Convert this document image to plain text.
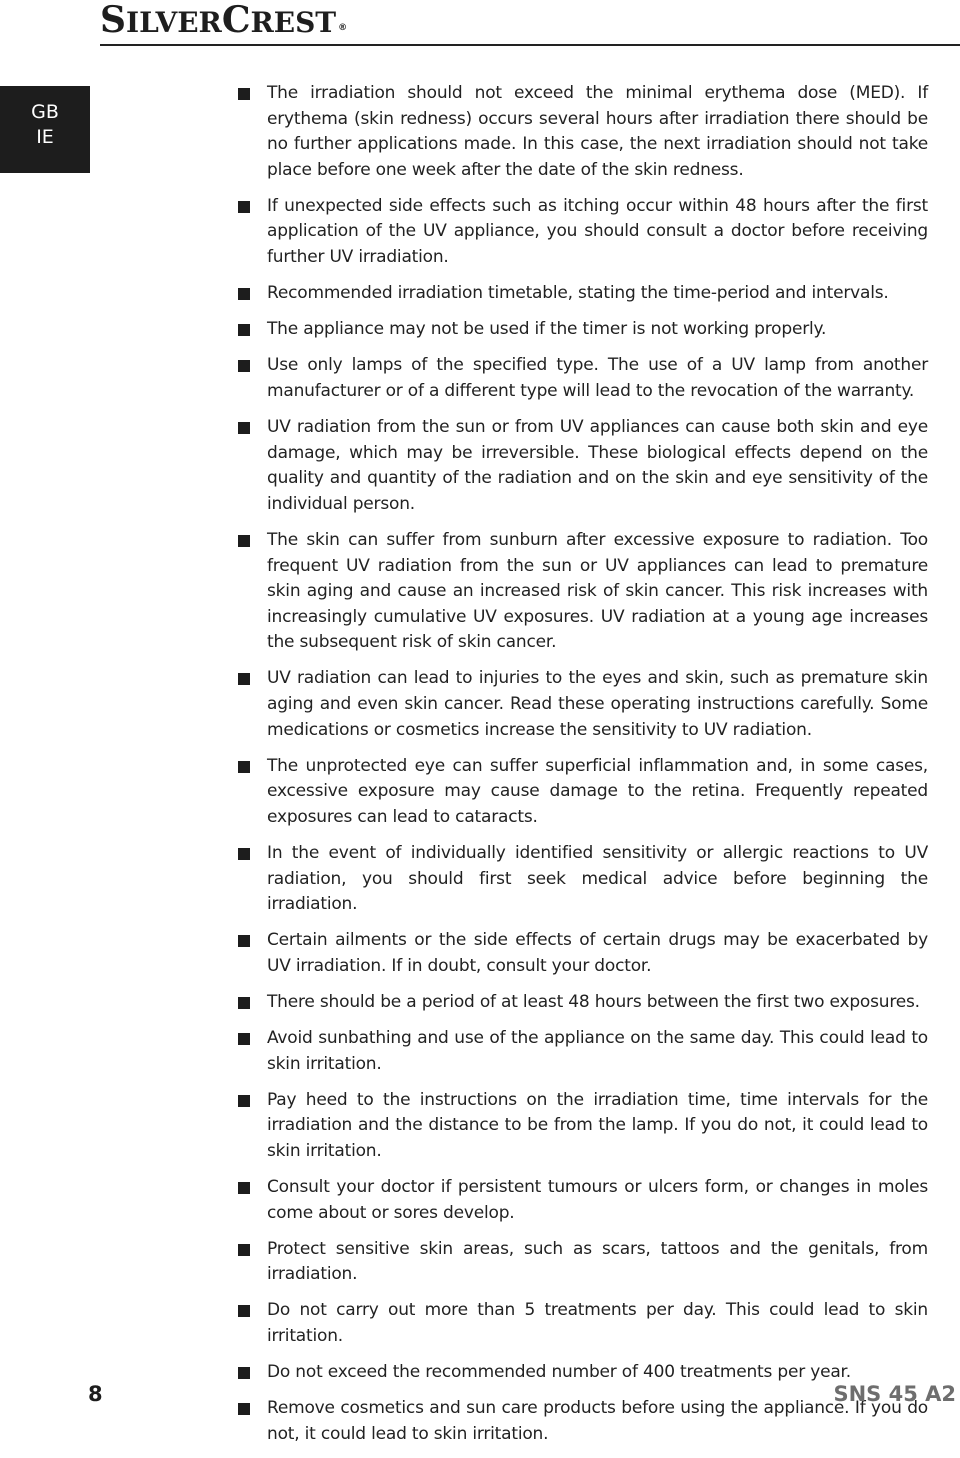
SILVERCREST ®
GB
IE
The irradiation should not exceed the minimal erythema dose (MED). If erythema (skin redness) occurs several hours after irradiation there should be no further applications made. In this case, the next irradiation should not take place before one week after the date of the skin redness.
If unexpected side effects such as itching occur within 48 hours after the first application of the UV appliance, you should consult a doctor before receiving further UV irradiation.
Recommended irradiation timetable, stating the time-period and intervals.
The appliance may not be used if the timer is not working properly.
Use only lamps of the specified type. The use of a UV lamp from another manufacturer or of a different type will lead to the revocation of the warranty.
UV radiation from the sun or from UV appliances can cause both skin and eye damage, which may be irreversible. These biological effects depend on the quality and quantity of the radiation and on the skin and eye sensitivity of the individual person.
The skin can suffer from sunburn after excessive exposure to radiation. Too frequent UV radiation from the sun or UV appliances can lead to premature skin aging and cause an increased risk of skin cancer. This risk increases with increasingly cumulative UV exposures. UV radiation at a young age increases the subsequent risk of skin cancer.
UV radiation can lead to injuries to the eyes and skin, such as premature skin aging and even skin cancer. Read these operating instructions carefully. Some medications or cosmetics increase the sensitivity to UV radiation.
The unprotected eye can suffer superficial inflammation and, in some cases, excessive exposure may cause damage to the retina. Frequently repeated exposures can lead to cataracts.
In the event of individually identified sensitivity or allergic reactions to UV radiation, you should first seek medical advice before beginning the irradiation.
Certain ailments or the side effects of certain drugs may be exacerbated by UV irradiation. If in doubt, consult your doctor.
There should be a period of at least 48 hours between the first two exposures.
Avoid sunbathing and use of the appliance on the same day. This could lead to skin irritation.
Pay heed to the instructions on the irradiation time, time intervals for the irradiation and the distance to be from the lamp. If you do not, it could lead to skin irritation.
Consult your doctor if persistent tumours or ulcers form, or changes in moles come about or sores develop.
Protect sensitive skin areas, such as scars, tattoos and the genitals, from irradiation.
Do not carry out more than 5 treatments per day. This could lead to skin irritation.
Do not exceed the recommended number of 400 treatments per year.
Remove cosmetics and sun care products before using the appliance. If you do not, it could lead to skin irritation.
8	SNS 45 A2
